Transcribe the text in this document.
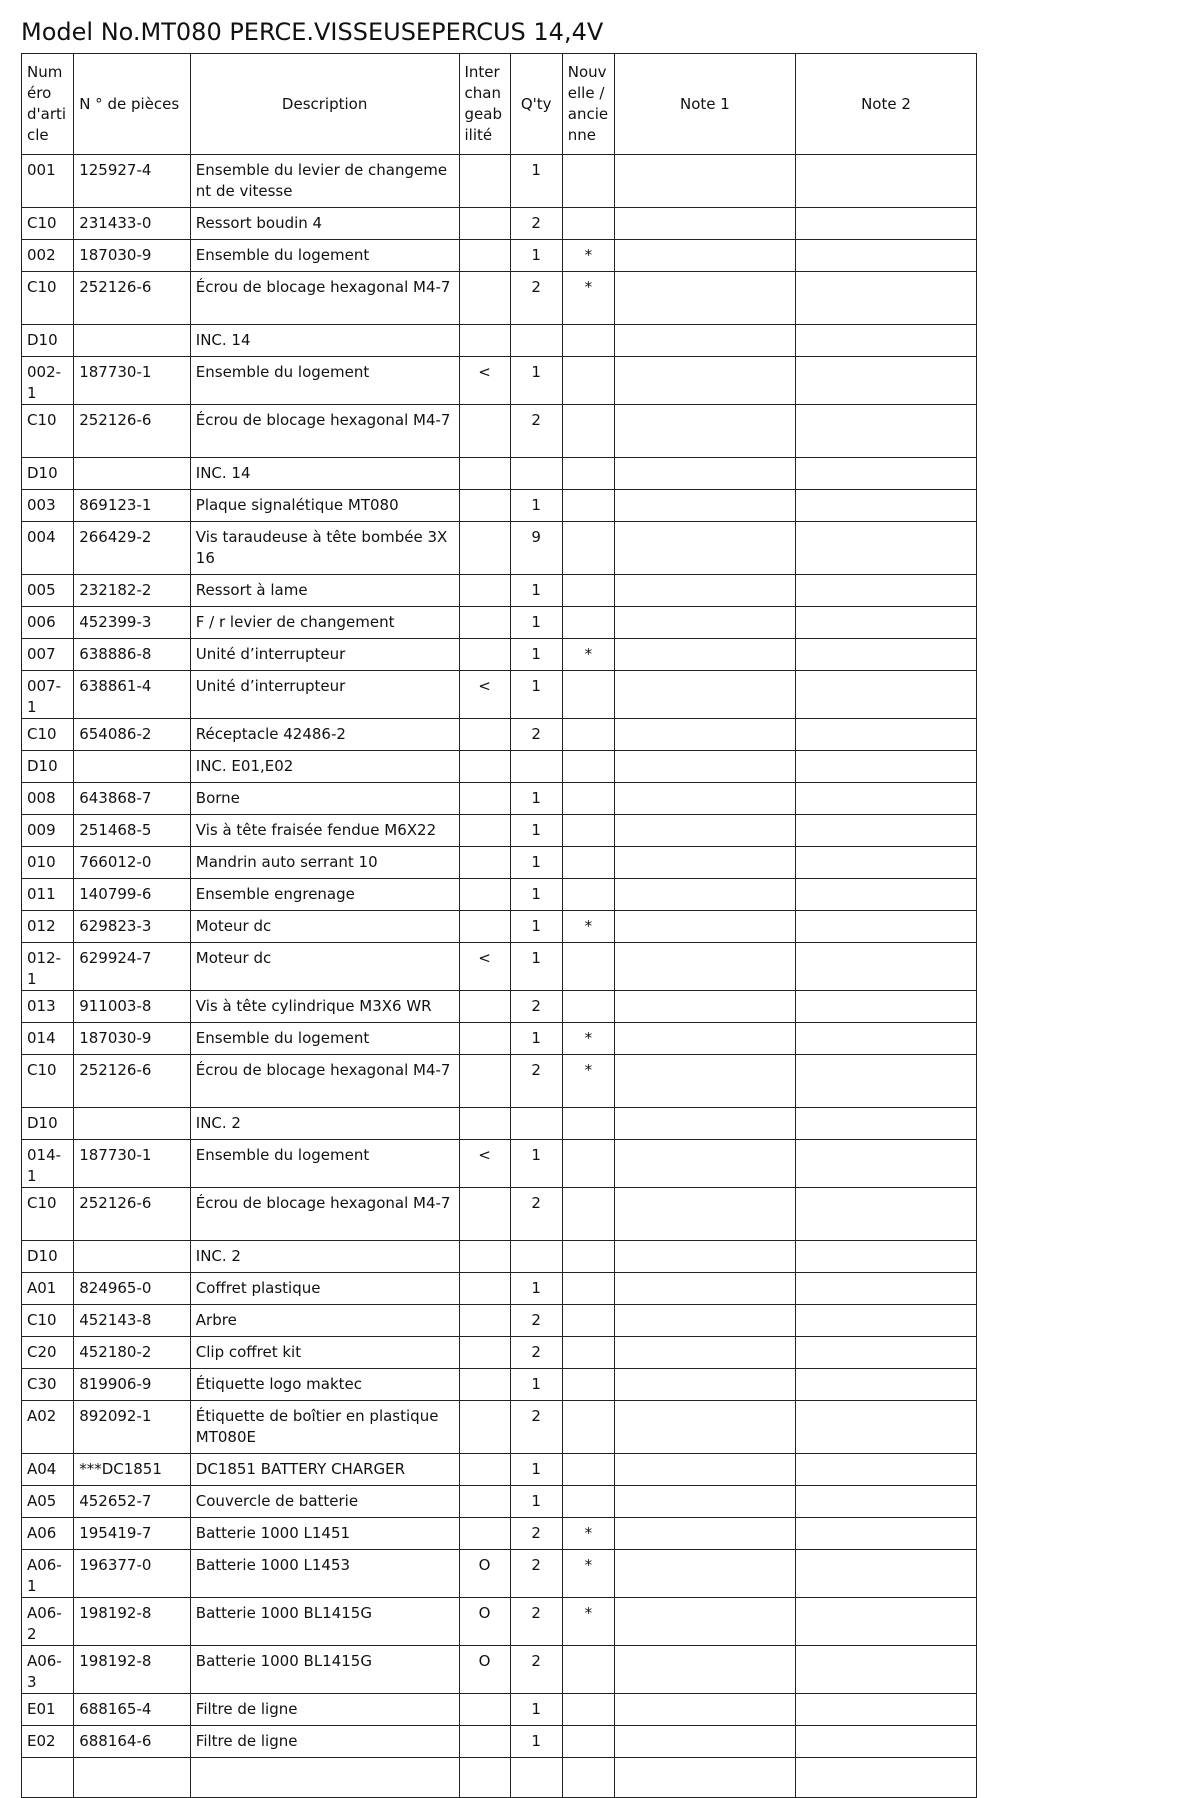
Model No.MT080 PERCE.VISSEUSEPERCUS 14,4V
Numéro d'article	N ° de pièces	Description	Interchangeabilité	Q'ty	Nouvelle / ancienne	Note 1	Note 2
001	125927-4	Ensemble du levier de changement de vitesse		1			
C10	231433-0	Ressort boudin 4		2			
002	187030-9	Ensemble du logement		1	*		
C10	252126-6	Écrou de blocage hexagonal M4-7		2	*		
D10		INC. 14					
002-1	187730-1	Ensemble du logement	<	1			
C10	252126-6	Écrou de blocage hexagonal M4-7		2			
D10		INC. 14					
003	869123-1	Plaque signalétique MT080		1			
004	266429-2	Vis taraudeuse à tête bombée 3X16		9			
005	232182-2	Ressort à lame		1			
006	452399-3	F / r levier de changement		1			
007	638886-8	Unité d’interrupteur		1	*		
007-1	638861-4	Unité d’interrupteur	<	1			
C10	654086-2	Réceptacle 42486-2		2			
D10		INC. E01,E02					
008	643868-7	Borne		1			
009	251468-5	Vis à tête fraisée fendue M6X22		1			
010	766012-0	Mandrin auto serrant 10		1			
011	140799-6	Ensemble engrenage		1			
012	629823-3	Moteur dc		1	*		
012-1	629924-7	Moteur dc	<	1			
013	911003-8	Vis à tête cylindrique M3X6 WR		2			
014	187030-9	Ensemble du logement		1	*		
C10	252126-6	Écrou de blocage hexagonal M4-7		2	*		
D10		INC. 2					
014-1	187730-1	Ensemble du logement	<	1			
C10	252126-6	Écrou de blocage hexagonal M4-7		2			
D10		INC. 2					
A01	824965-0	Coffret plastique		1			
C10	452143-8	Arbre		2			
C20	452180-2	Clip coffret kit		2			
C30	819906-9	Étiquette logo maktec		1			
A02	892092-1	Étiquette de boîtier en plastique MT080E		2			
A04	***DC1851	DC1851 BATTERY CHARGER		1			
A05	452652-7	Couvercle de batterie		1			
A06	195419-7	Batterie 1000 L1451		2	*		
A06-1	196377-0	Batterie 1000 L1453	O	2	*		
A06-2	198192-8	Batterie 1000 BL1415G	O	2	*		
A06-3	198192-8	Batterie 1000 BL1415G	O	2			
E01	688165-4	Filtre de ligne		1			
E02	688164-6	Filtre de ligne		1			
